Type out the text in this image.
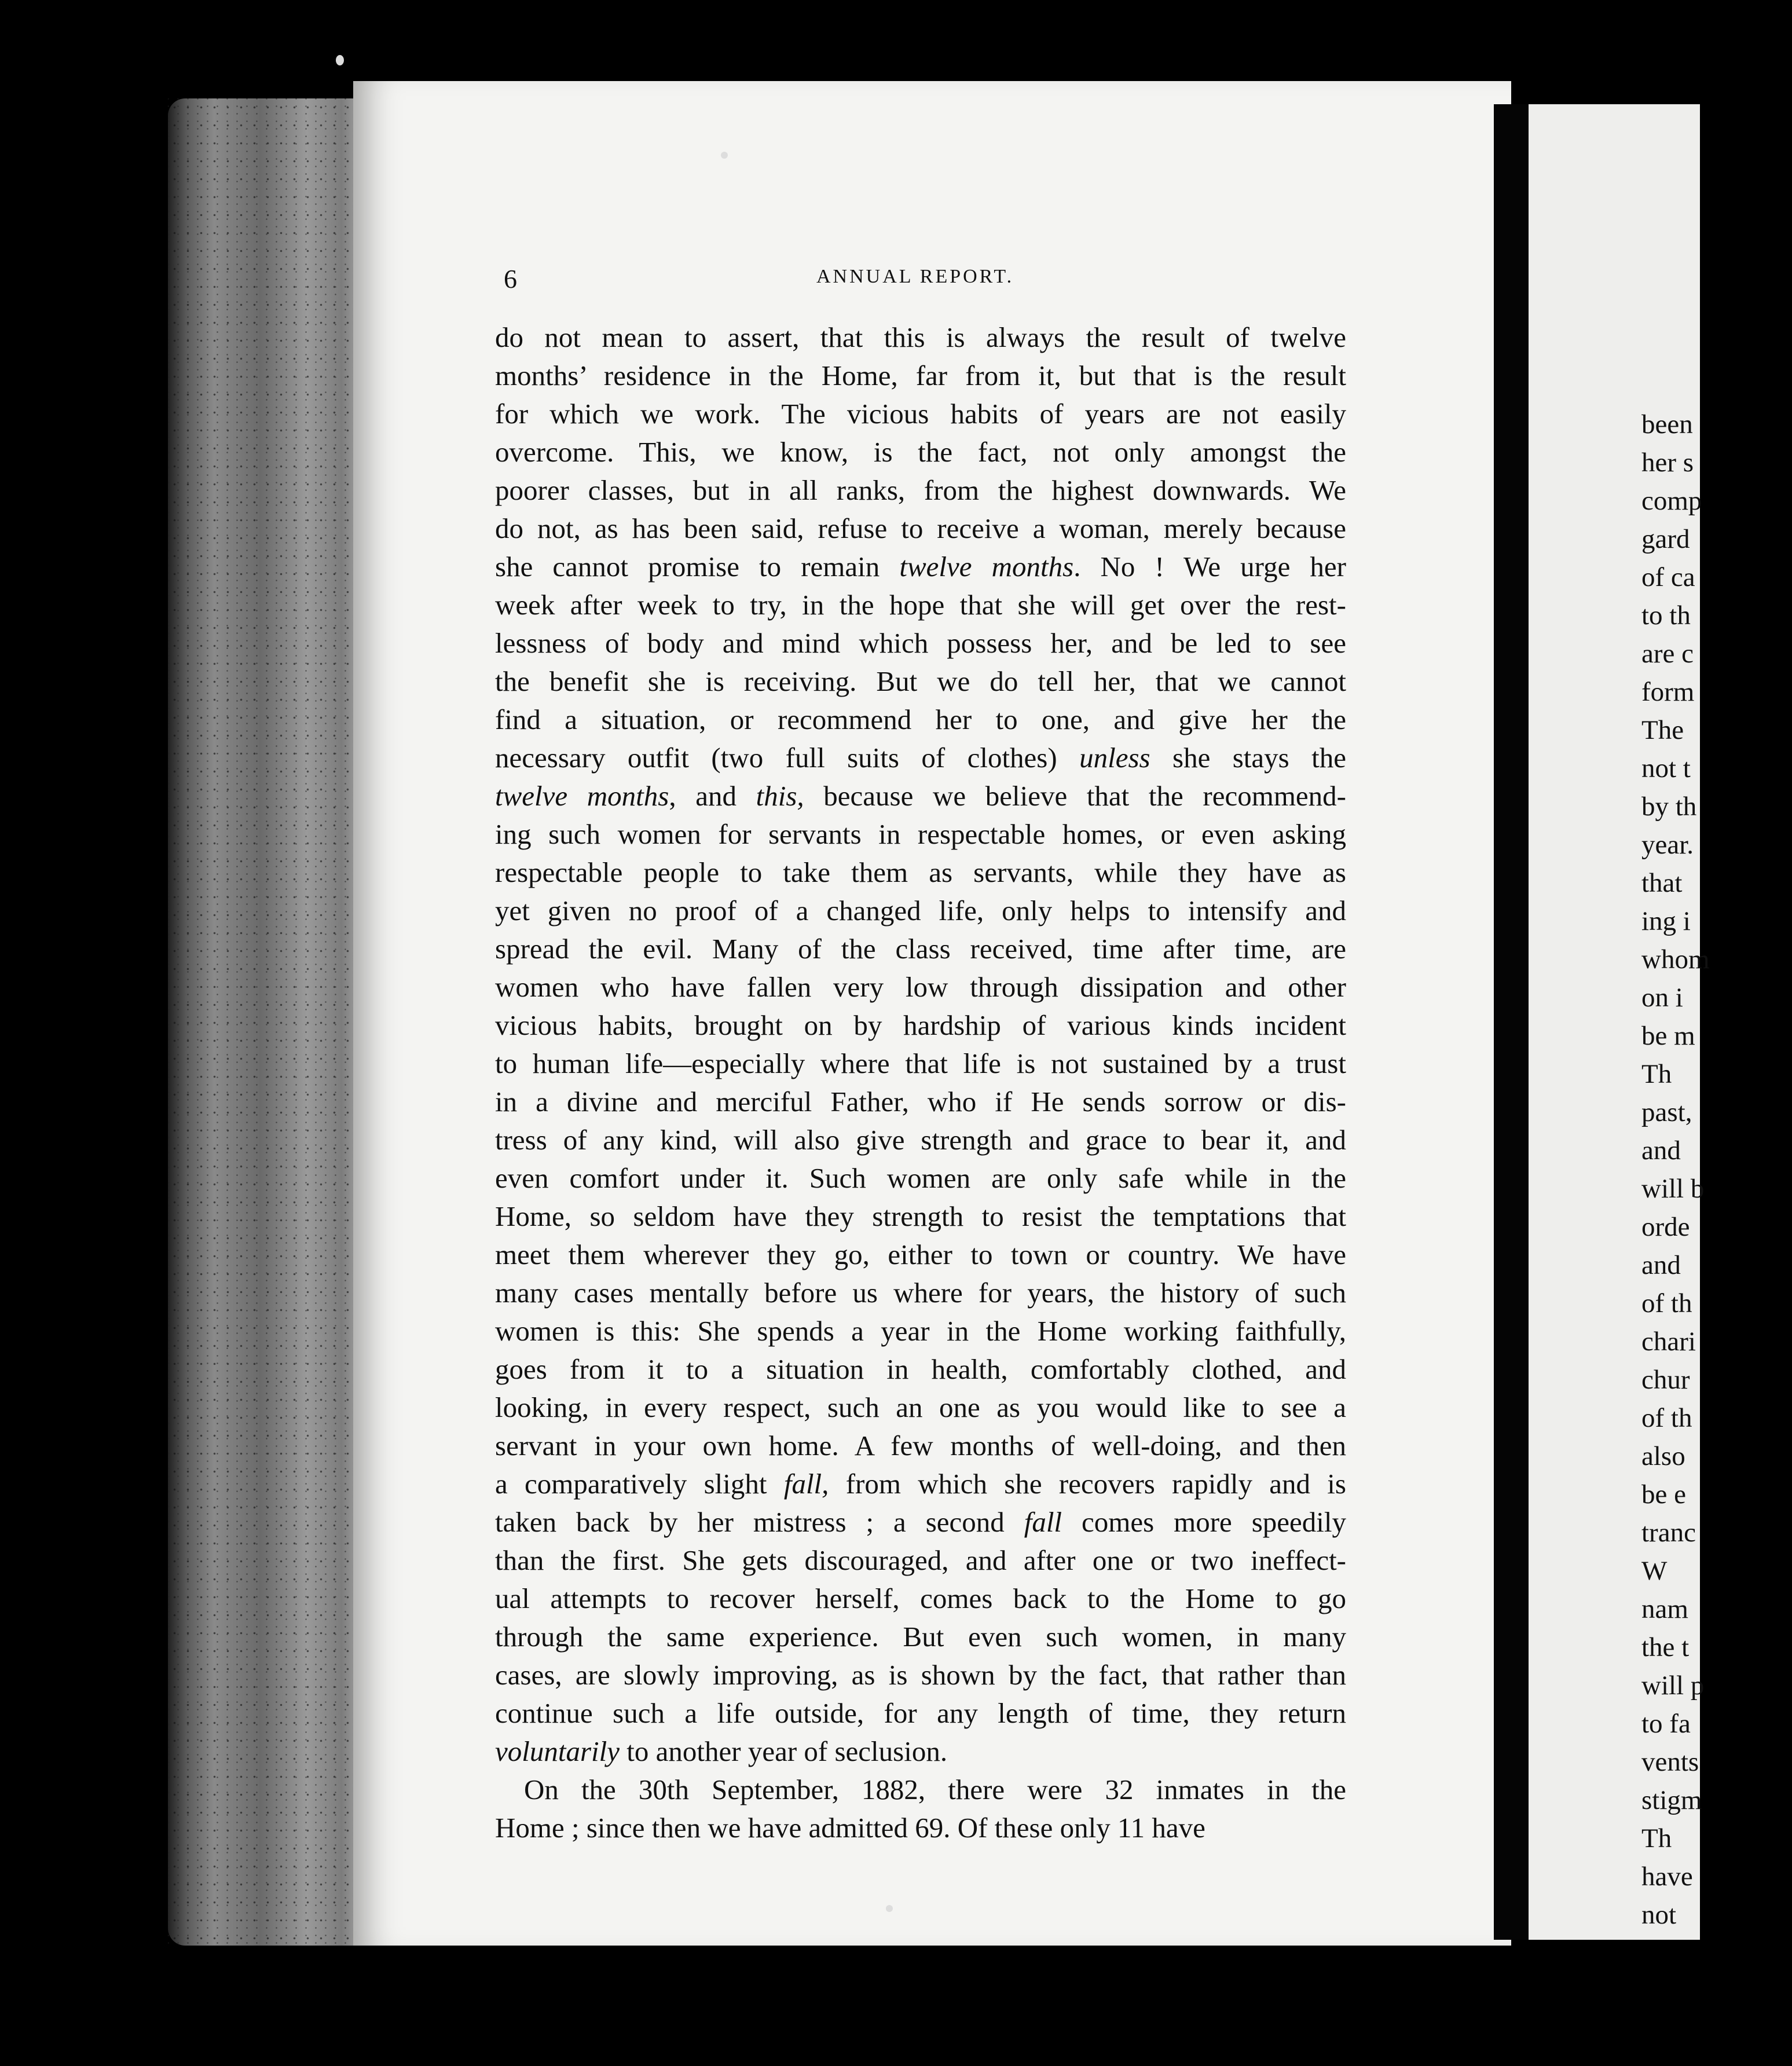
6	ANNUAL REPORT.
do not mean to assert, that this is always the result of twelve
months’ residence in the Home, far from it, but that is the result
for which we work. The vicious habits of years are not easily
overcome. This, we know, is the fact, not only amongst the
poorer classes, but in all ranks, from the highest downwards. We
do not, as has been said, refuse to receive a woman, merely because
she cannot promise to remain twelve months. No ! We urge her
week after week to try, in the hope that she will get over the rest-
lessness of body and mind which possess her, and be led to see
the benefit she is receiving. But we do tell her, that we cannot
find a situation, or recommend her to one, and give her the
necessary outfit (two full suits of clothes) unless she stays the
twelve months, and this, because we believe that the recommend-
ing such women for servants in respectable homes, or even asking
respectable people to take them as servants, while they have as
yet given no proof of a changed life, only helps to intensify and
spread the evil. Many of the class received, time after time, are
women who have fallen very low through dissipation and other
vicious habits, brought on by hardship of various kinds incident
to human life—especially where that life is not sustained by a trust
in a divine and merciful Father, who if He sends sorrow or dis-
tress of any kind, will also give strength and grace to bear it, and
even comfort under it. Such women are only safe while in the
Home, so seldom have they strength to resist the temptations that
meet them wherever they go, either to town or country. We have
many cases mentally before us where for years, the history of such
women is this: She spends a year in the Home working faithfully,
goes from it to a situation in health, comfortably clothed, and
looking, in every respect, such an one as you would like to see a
servant in your own home. A few months of well-doing, and then
a comparatively slight fall, from which she recovers rapidly and is
taken back by her mistress ; a second fall comes more speedily
than the first. She gets discouraged, and after one or two ineffect-
ual attempts to recover herself, comes back to the Home to go
through the same experience. But even such women, in many
cases, are slowly improving, as is shown by the fact, that rather than
continue such a life outside, for any length of time, they return
voluntarily to another year of seclusion.
On the 30th September, 1882, there were 32 inmates in the
Home ; since then we have admitted 69. Of these only 11 have
been
her s
comp
gard
of ca
to th
are c
form
The
not t
by th
year.
that
ing i
whom
on i
be m
Th
past,
and
will b
orde
and
of th
chari
chur
of th
also
be e
tranc
W
nam
the t
will p
to fa
vents
stigm
Th
have
not
